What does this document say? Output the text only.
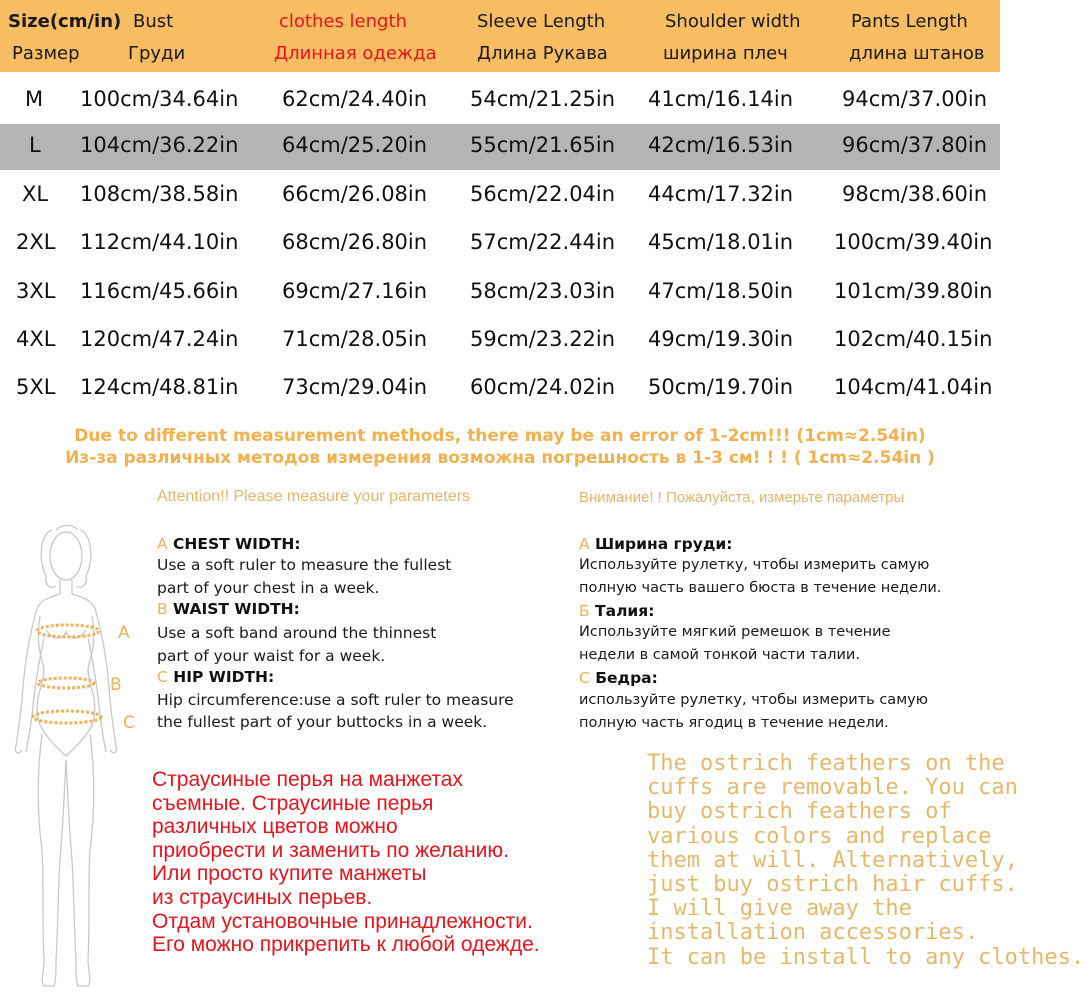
Size(cm/in)
Размер
Bust
Груди
clothes length
Длинная одежда
Sleeve Length
Длина Рукава
Shoulder width
ширина плеч
Pants Length
длина штанов
M 100cm/34.64in 62cm/24.40in 54cm/21.25in 41cm/16.14in 94cm/37.00in
L 104cm/36.22in 64cm/25.20in 55cm/21.65in 42cm/16.53in 96cm/37.80in
XL 108cm/38.58in 66cm/26.08in 56cm/22.04in 44cm/17.32in 98cm/38.60in
2XL 112cm/44.10in 68cm/26.80in 57cm/22.44in 45cm/18.01in 100cm/39.40in
3XL 116cm/45.66in 69cm/27.16in 58cm/23.03in 47cm/18.50in 101cm/39.80in
4XL 120cm/47.24in 71cm/28.05in 59cm/23.22in 49cm/19.30in 102cm/40.15in
5XL 124cm/48.81in 73cm/29.04in 60cm/24.02in 50cm/19.70in 104cm/41.04in
Due to different measurement methods, there may be an error of 1-2cm!!! (1cm≈2.54in)
Из-за различных методов измерения возможна погрешность в 1-3 см! ! ! ( 1cm≈2.54in )
Attention!! Please measure your parameters	Внимание! ! Пожалуйста, измерьте параметры
A CHEST WIDTH:
Use a soft ruler to measure the fullest
part of your chest in a week.
B WAIST WIDTH:
Use a soft band around the thinnest
part of your waist for a week.
C HIP WIDTH:
Hip circumference:use a soft ruler to measure
the fullest part of your buttocks in a week.
A Ширина груди:
Используйте рулетку, чтобы измерить самую
полную часть вашего бюста в течение недели.
Б Талия:
Используйте мягкий ремешок в течение
недели в самой тонкой части талии.
С Бедра:
используйте рулетку, чтобы измерить самую
полную часть ягодиц в течение недели.
A
B
C
Страусиные перья на манжетах
съемные. Страусиные перья
различных цветов можно
приобрести и заменить по желанию.
Или просто купите манжеты
из страусиных перьев.
Отдам установочные принадлежности.
Его можно прикрепить к любой одежде.
The ostrich feathers on the
cuffs are removable. You can
buy ostrich feathers of
various colors and replace
them at will. Alternatively,
just buy ostrich hair cuffs.
I will give away the
installation accessories.
It can be install to any clothes.
